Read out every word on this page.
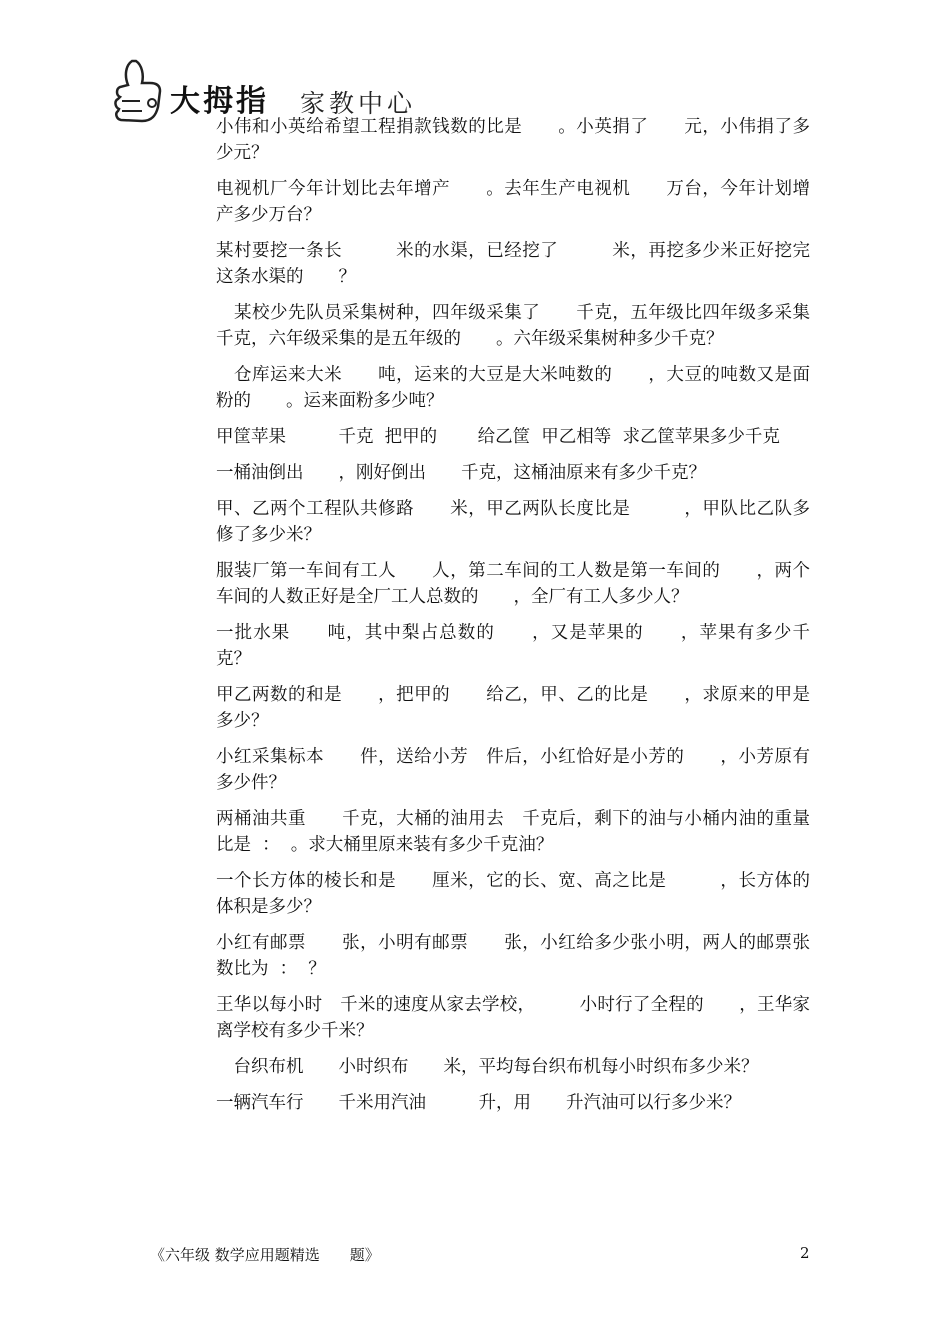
大拇指 家教中心

小伟和小英给希望工程捐款钱数的比是　　。小英捐了　　元，小伟捐了多少元？

电视机厂今年计划比去年增产　　。去年生产电视机　　万台，今年计划增产多少万台？

某村要挖一条长　　　米的水渠，已经挖了　　　米，再挖多少米正好挖完这条水渠的　　？

　某校少先队员采集树种，四年级采集了　　千克，五年级比四年级多采集　　千克，六年级采集的是五年级的　　。六年级采集树种多少千克？

　仓库运来大米　　吨，运来的大豆是大米吨数的　　，大豆的吨数又是面粉的　　。运来面粉多少吨？

甲筐苹果　　　千克  把甲的　　 给乙筐  甲乙相等  求乙筐苹果多少千克

一桶油倒出　　，刚好倒出　　千克，这桶油原来有多少千克？

甲、乙两个工程队共修路　　米，甲乙两队长度比是　　　，甲队比乙队多修了多少米？

服装厂第一车间有工人　　人，第二车间的工人数是第一车间的　　，两个车间的人数正好是全厂工人总数的　　，全厂有工人多少人？

一批水果　　吨，其中梨占总数的　　，又是苹果的　　，苹果有多少千克？

甲乙两数的和是　　，把甲的　　给乙，甲、乙的比是　　，求原来的甲是多少？

小红采集标本　　件，送给小芳　件后，小红恰好是小芳的　　，小芳原有多少件？

两桶油共重　　千克，大桶的油用去　千克后，剩下的油与小桶内油的重量比是  ：  。求大桶里原来装有多少千克油？

一个长方体的棱长和是　　厘米，它的长、宽、高之比是　　　，长方体的体积是多少？

小红有邮票　　张，小明有邮票　　张，小红给多少张小明，两人的邮票张数比为  ：  ？

王华以每小时　千米的速度从家去学校，　　　小时行了全程的　　，王华家离学校有多少千米？

　台织布机　　小时织布　　米，平均每台织布机每小时织布多少米？

一辆汽车行　　千米用汽油　　　升，用　　升汽油可以行多少米？

《六年级 数学应用题精选　　题》	2
